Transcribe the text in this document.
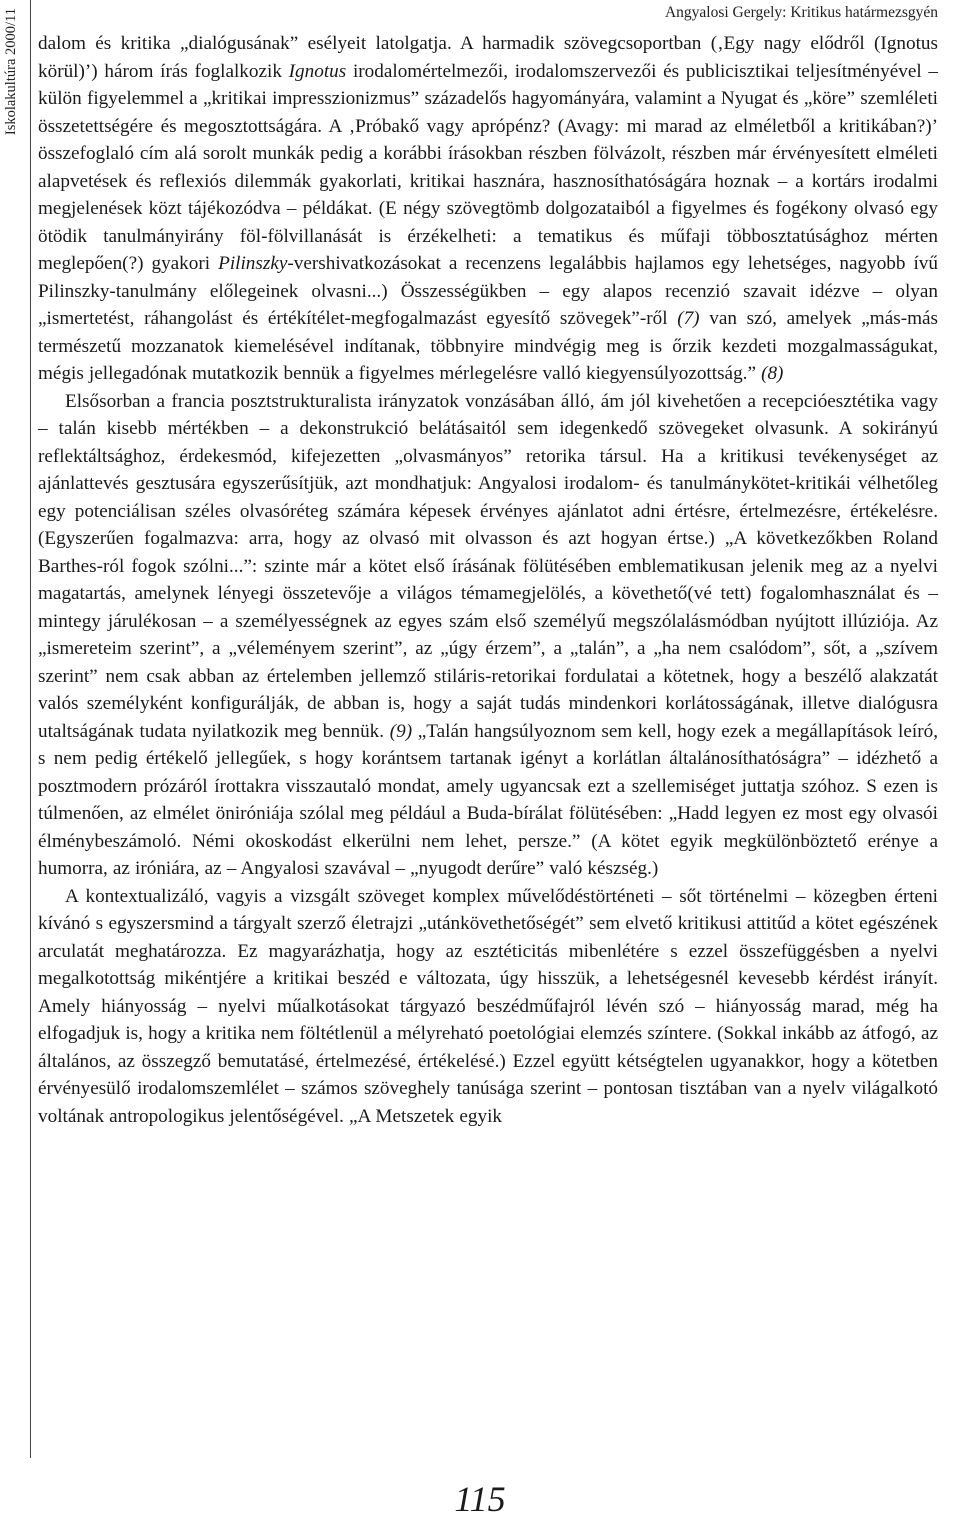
Angyalosi Gergely: Kritikus határmezsgyén
Iskolakultúra 2000/11 dalom és kritika „dialógusának” esélyeit latolgatja. A harmadik szövegcsoportban (‚Egy nagy elődről (Ignotus körül)’) három írás foglalkozik Ignotus irodalomértelmezői, irodalomszervezői és publicisztikai teljesítményével – külön figyelemmel a „kritikai impresszionizmus” századelős hagyományára, valamint a Nyugat és „köre” szemléleti összetettségére és megosztottságára. A ‚Próbakő vagy aprópénz? (Avagy: mi marad az elméletből a kritikában?)’ összefoglaló cím alá sorolt munkák pedig a korábbi írásokban részben fölvázolt, részben már érvényesített elméleti alapvetések és reflexiós dilemmák gyakorlati, kritikai hasznára, hasznosíthatóságára hoznak – a kortárs irodalmi megjelenések közt tájékozódva – példákat. (E négy szövegtömb dolgozataiból a figyelmes és fogékony olvasó egy ötödik tanulmányirány föl-fölvillanását is érzékelheti: a tematikus és műfaji többosztatúsághoz mérten meglepően(?) gyakori Pilinszky-vershivatkozásokat a recenzens legalábbis hajlamos egy lehetséges, nagyobb ívű Pilinszky-tanulmány előlegeinek olvasni...) Összességükben – egy alapos recenzió szavait idézve – olyan „ismertetést, ráhangolást és értékítélet-megfogalmazást egyesítő szövegek”-ről (7) van szó, amelyek „más-más természetű mozzanatok kiemelésével indítanak, többnyire mindvégig meg is őrzik kezdeti mozgalmasságukat, mégis jellegadónak mutatkozik bennük a figyelmes mérlegelésre valló kiegyensúlyozottság.” (8)

Elsősorban a francia posztstrukturalista irányzatok vonzásában álló, ám jól kivehetően a recepcióesztétika vagy – talán kisebb mértékben – a dekonstrukció belátásaitól sem idegenkedő szövegeket olvasunk. A sokirányú reflektáltsághoz, érdekesmód, kifejezetten „olvasmányos” retorika társul. Ha a kritikusi tevékenységet az ajánlattevés gesztusára egyszerűsítjük, azt mondhatjuk: Angyalosi irodalom- és tanulmánykötet-kritikái vélhetőleg egy potenciálisan széles olvasóréteg számára képesek érvényes ajánlatot adni értésre, értelmezésre, értékelésre. (Egyszerűen fogalmazva: arra, hogy az olvasó mit olvasson és azt hogyan értse.) „A következőkben Roland Barthes-ról fogok szólni...”: szinte már a kötet első írásának fölütésében emblematikusan jelenik meg az a nyelvi magatartás, amelynek lényegi összetevője a világos témamegjelölés, a követhető(vé tett) fogalomhasználat és – mintegy járulékosan – a személyességnek az egyes szám első személyű megszólalásmódban nyújtott illúziója. Az „ismereteim szerint”, a „véleményem szerint”, az „úgy érzem”, a „talán”, a „ha nem csalódom”, sőt, a „szívem szerint” nem csak abban az értelemben jellemző stiláris-retorikai fordulatai a kötetnek, hogy a beszélő alakzatát valós személyként konfigurálják, de abban is, hogy a saját tudás mindenkori korlátosságának, illetve dialógusra utaltságának tudata nyilatkozik meg bennük. (9) „Talán hangsúlyoznom sem kell, hogy ezek a megállapítások leíró, s nem pedig értékelő jellegűek, s hogy korántsem tartanak igényt a korlátlan általánosíthatóságra” – idézhető a posztmodern prózáról írottakra visszautaló mondat, amely ugyancsak ezt a szellemiséget juttatja szóhoz. S ezen is túlmenően, az elmélet öniróniája szólal meg például a Buda-bírálat fölütésében: „Hadd legyen ez most egy olvasói élménybeszámoló. Némi okoskodást elkerülni nem lehet, persze.” (A kötet egyik megkülönböztető erénye a humorra, az iróniára, az – Angyalosi szavával – „nyugodt derűre” való készség.)

A kontextualizáló, vagyis a vizsgált szöveget komplex művelődéstörténeti – sőt történelmi – közegben érteni kívánó s egyszersmind a tárgyalt szerző életrajzi „utánkövethetőségét” sem elvető kritikusi attitűd a kötet egészének arculatát meghatározza. Ez magyarázhatja, hogy az esztéticitás mibenlétére s ezzel összefüggésben a nyelvi megalkotottság mikéntjére a kritikai beszéd e változata, úgy hisszük, a lehetségesnél kevesebb kérdést irányít. Amely hiányosság – nyelvi műalkotásokat tárgyazó beszédműfajról lévén szó – hiányosság marad, még ha elfogadjuk is, hogy a kritika nem föltétlenül a mélyreható poetológiai elemzés színtere. (Sokkal inkább az átfogó, az általános, az összegző bemutatásé, értelmezésé, értékelésé.) Ezzel együtt kétségtelen ugyanakkor, hogy a kötetben érvényesülő irodalomszemlélet – számos szöveghely tanúsága szerint – pontosan tisztában van a nyelv világalkotó voltának antropologikus jelentőségével. „A Metszetek egyik

115
